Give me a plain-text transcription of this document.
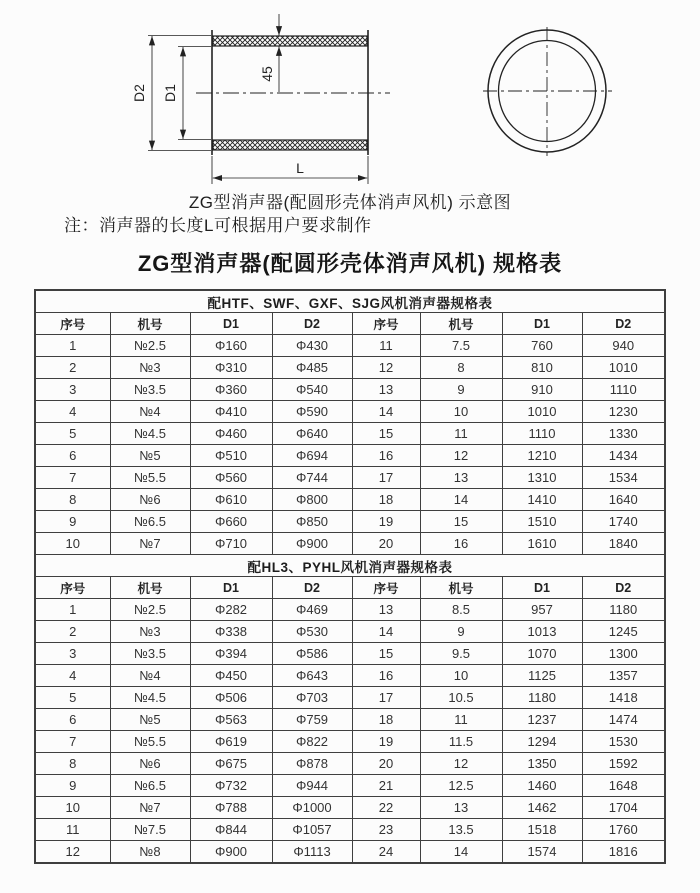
D2 D1
45
L
ZG型消声器(配圆形壳体消声风机) 示意图
注：消声器的长度L可根据用户要求制作
ZG型消声器(配圆形壳体消声风机) 规格表
配HTF、SWF、GXF、SJG风机消声器规格表							
序号	机号	D1	D2	序号	机号	D1	D2
1	№2.5	Φ160	Φ430	11	7.5	760	940
2	№3	Φ310	Φ485	12	8	810	1010
3	№3.5	Φ360	Φ540	13	9	910	1110
4	№4	Φ410	Φ590	14	10	1010	1230
5	№4.5	Φ460	Φ640	15	11	1110	1330
6	№5	Φ510	Φ694	16	12	1210	1434
7	№5.5	Φ560	Φ744	17	13	1310	1534
8	№6	Φ610	Φ800	18	14	1410	1640
9	№6.5	Φ660	Φ850	19	15	1510	1740
10	№7	Φ710	Φ900	20	16	1610	1840
配HL3、PYHL风机消声器规格表							
序号	机号	D1	D2	序号	机号	D1	D2
1	№2.5	Φ282	Φ469	13	8.5	957	1180
2	№3	Φ338	Φ530	14	9	1013	1245
3	№3.5	Φ394	Φ586	15	9.5	1070	1300
4	№4	Φ450	Φ643	16	10	1125	1357
5	№4.5	Φ506	Φ703	17	10.5	1180	1418
6	№5	Φ563	Φ759	18	11	1237	1474
7	№5.5	Φ619	Φ822	19	11.5	1294	1530
8	№6	Φ675	Φ878	20	12	1350	1592
9	№6.5	Φ732	Φ944	21	12.5	1460	1648
10	№7	Φ788	Φ1000	22	13	1462	1704
11	№7.5	Φ844	Φ1057	23	13.5	1518	1760
12	№8	Φ900	Φ1113	24	14	1574	1816
